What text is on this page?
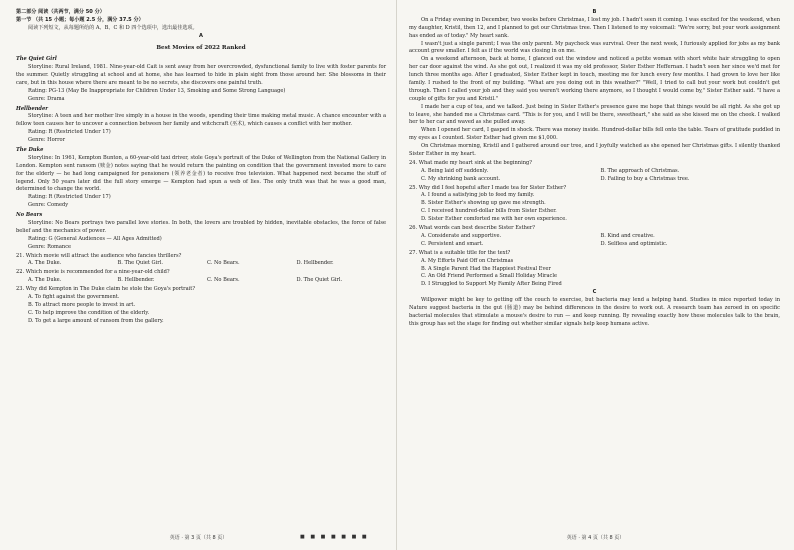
第二部分 阅读（共两节，满分 50 分）
第一节 （共 15 小题；每小题 2.5 分，满分 37.5 分）
阅读下列短文，从每题所给的 A、B、C 和 D 四个选项中，选出最佳选项。
A
Best Movies of 2022 Ranked
The Quiet Girl

Storyline: Rural Ireland, 1981. Nine-year-old Cait is sent away from her overcrowded, dysfunctional family to live with foster parents for the summer. Quietly struggling at school and at home, she has learned to hide in plain sight from those around her. She blossoms in their care, but in this house where there are meant to be no secrets, she discovers one painful truth.

Rating: PG-13 (May Be Inappropriate for Children Under 13, Smoking and Some Strong Language)
Genre: Drama
Hellbender

Storyline: A teen and her mother live simply in a house in the woods, spending their time making metal music. A chance encounter with a fellow teen causes her to uncover a connection between her family and witchcraft (巫术), which causes a conflict with her mother.

Rating: R (Restricted Under 17)
Genre: Horror
The Duke

Storyline: In 1961, Kempton Bunton, a 60-year-old taxi driver, stole Goya's portrait of the Duke of Wellington from the National Gallery in London. Kempton sent ransom (赎金) notes saying that he would return the painting on condition that the government invested more to care for the elderly — he had long campaigned for pensioners (领养老金者) to receive free television. What happened next became the stuff of legend. Only 50 years later did the full story emerge — Kempton had spun a web of lies. The only truth was that he was a good man, determined to change the world.

Rating: R (Restricted Under 17)
Genre: Comedy
No Bears

Storyline: No Bears portrays two parallel love stories. In both, the lovers are troubled by hidden, inevitable obstacles, the force of false belief and the mechanics of power.

Rating: G (General Audiences — All Ages Admitted)
Genre: Romance
21. Which movie will attract the audience who fancies thrillers?
A. The Duke.	B. The Quiet Girl.	C. No Bears.	D. Hellbender.
22. Which movie is recommended for a nine-year-old child?
A. The Duke.	B. Hellbender.	C. No Bears.	D. The Quiet Girl.
23. Why did Kempton in The Duke claim he stole the Goya's portrait?
A. To fight against the government.
B. To attract more people to invest in art.
C. To help improve the condition of the elderly.
D. To get a large amount of ransom from the gallery.
英语 · 第 3 页（共 8 页）	■ ■ ■ ■ ■ ■ ■
B

On a Friday evening in December, two weeks before Christmas, I lost my job. I hadn't seen it coming. I was excited for the weekend, when my daughter, Kristil, then 12, and I planned to get our Christmas tree. Then I listened to my voicemail: "We're sorry, but your work assignment has ended as of today." My heart sank.

I wasn't just a single parent; I was the only parent. My paycheck was survival. Over the next week, I furiously applied for jobs as my bank account grew smaller. I felt as if the world was closing in on me.

On a weekend afternoon, back at home, I glanced out the window and noticed a petite woman with short white hair struggling to open her car door against the wind. As she got out, I realized it was my old professor, Sister Esther Heffernan. I hadn't seen her since we'd met for lunch three months ago. After I graduated, Sister Esther kept in touch, meeting me for lunch every few months. I had grown to love her like family. I rushed to the front of my building. "What are you doing out in this weather?" "Well, I tried to call but your work but couldn't get through. Then I called your job and they said you weren't working there anymore, so I thought I would come by," Sister Esther said. "I have a couple of gifts for you and Kristil."

I made her a cup of tea, and we talked. Just being in Sister Esther's presence gave me hope that things would be all right. As she got up to leave, she handed me a Christmas card. "This is for you, and I will be there, sweetheart," she said as she kissed me on the cheek. I walked her to her car and waved as she pulled away.

When I opened her card, I gasped in shock. There was money inside. Hundred-dollar bills fell onto the table. Tears of gratitude puddled in my eyes as I counted. Sister Esther had given me $1,000.

On Christmas morning, Kristil and I gathered around our tree, and I joyfully watched as she opened her Christmas gifts. I silently thanked Sister Esther in my heart.

24. What made my heart sink at the beginning?
A. Being laid off suddenly.	B. The approach of Christmas.
C. My shrinking bank account.	D. Failing to buy a Christmas tree.
25. Why did I feel hopeful after I made tea for Sister Esther?
A. I found a satisfying job to feed my family.
B. Sister Esther's showing up gave me strength.
C. I received hundred-dollar bills from Sister Esther.
D. Sister Esther comforted me with her own experience.
26. What words can best describe Sister Esther?
A. Considerate and supportive.	B. Kind and creative.
C. Persistent and smart.	D. Selfless and optimistic.
27. What is a suitable title for the text?
A. My Efforts Paid Off on Christmas
B. A Single Parent Had the Happiest Festival Ever
C. An Old Friend Performed a Small Holiday Miracle
D. I Struggled to Support My Family After Being Fired
C

Willpower might be key to getting off the couch to exercise, but bacteria may lend a helping hand. Studies in mice reported today in Nature suggest bacteria in the gut (肠道) may be behind differences in the desire to work out. A research team has zeroed in on specific bacterial molecules that stimulate a mouse's desire to run — and keep running. By revealing exactly how these molecules talk to the brain, this group has set the stage for finding out whether similar signals help keep humans active.

英语 · 第 4 页（共 8 页）
